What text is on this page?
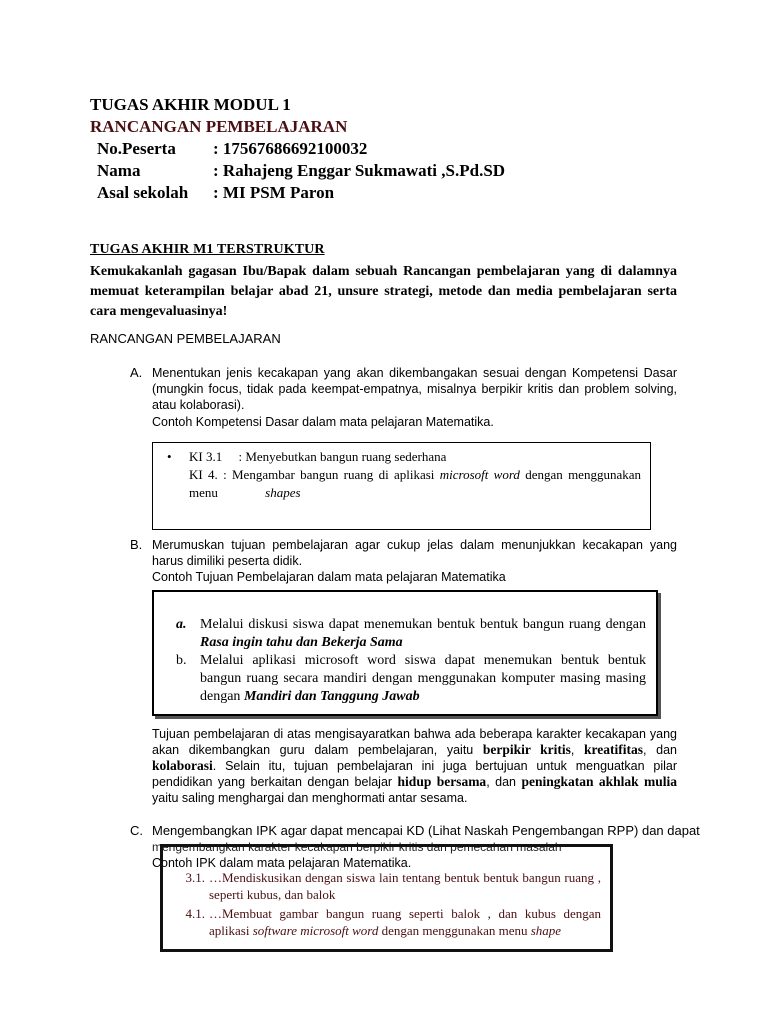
TUGAS AKHIR MODUL 1
RANCANGAN PEMBELAJARAN
No.Peserta	: 17567686692100032
Nama	: Rahajeng Enggar Sukmawati ,S.Pd.SD
Asal sekolah	: MI PSM Paron
TUGAS AKHIR M1 TERSTRUKTUR
Kemukakanlah gagasan Ibu/Bapak dalam sebuah Rancangan pembelajaran yang di dalamnya memuat keterampilan belajar abad 21, unsure strategi, metode dan media pembelajaran serta cara mengevaluasinya!
RANCANGAN PEMBELAJARAN
A. Menentukan jenis kecakapan yang akan dikembangakan sesuai dengan Kompetensi Dasar (mungkin focus, tidak pada keempat-empatnya, misalnya berpikir kritis dan problem solving, atau kolaborasi).
Contoh Kompetensi Dasar dalam mata pelajaran Matematika.
• KI 3.1     : Menyebutkan bangun ruang sederhana
KI 4. : Mengambar bangun ruang di aplikasi microsoft word dengan menggunakan menu	shapes
B. Merumuskan tujuan pembelajaran agar cukup jelas dalam menunjukkan kecakapan yang harus dimiliki peserta didik.
Contoh Tujuan Pembelajaran dalam mata pelajaran Matematika
a. Melalui diskusi siswa dapat menemukan bentuk bentuk bangun ruang dengan Rasa ingin tahu dan Bekerja Sama
b. Melalui aplikasi microsoft word siswa dapat menemukan bentuk bentuk bangun ruang secara mandiri dengan menggunakan komputer masing masing dengan Mandiri dan Tanggung Jawab
Tujuan pembelajaran di atas mengisayaratkan bahwa ada beberapa karakter kecakapan yang akan dikembangkan guru dalam pembelajaran, yaitu berpikir kritis, kreatifitas, dan kolaborasi. Selain itu, tujuan pembelajaran ini juga bertujuan untuk menguatkan pilar pendidikan yang berkaitan dengan belajar hidup bersama, dan peningkatan akhlak mulia yaitu saling menghargai dan menghormati antar sesama.
C. Mengembangkan IPK agar dapat mencapai KD (Lihat Naskah Pengembangan RPP) dan dapat
mengembangkan karakter kecakapan berpikir kritis dan pemecahan masalah
Contoh IPK dalam mata pelajaran Matematika.
3.1. …Mendiskusikan dengan siswa lain tentang bentuk bentuk bangun ruang , seperti kubus, dan balok
4.1. …Membuat gambar bangun ruang seperti balok , dan kubus dengan aplikasi software microsoft word dengan menggunakan menu shape
